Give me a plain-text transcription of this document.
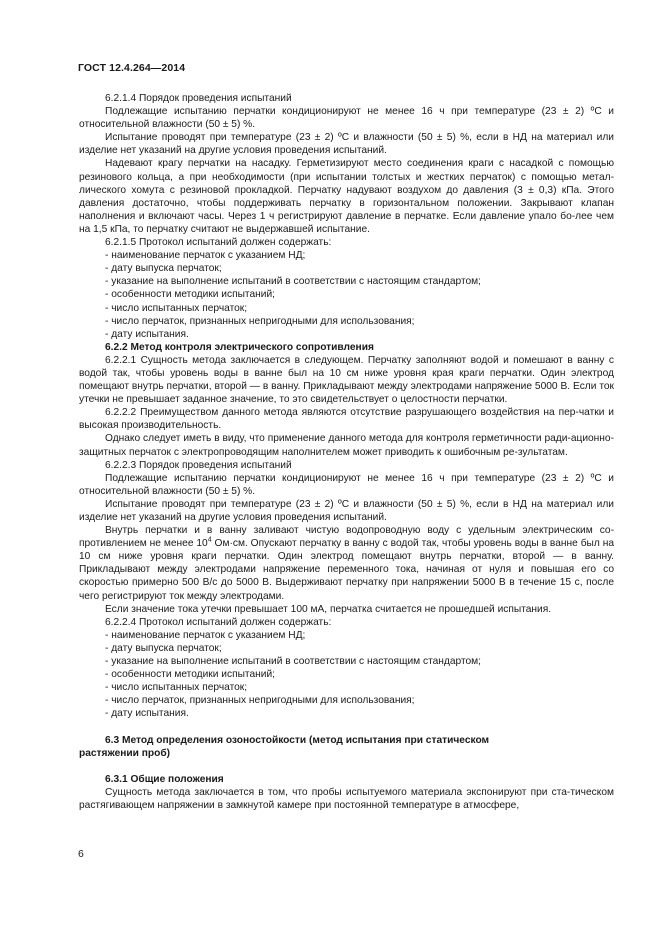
ГОСТ 12.4.264—2014

6.2.1.4 Порядок проведения испытаний

Подлежащие испытанию перчатки кондиционируют не менее 16 ч при температуре (23 ± 2) ºС и относительной влажности (50 ± 5) %.

Испытание проводят при температуре (23 ± 2) ºС и влажности (50 ± 5) %, если в НД на материал или изделие нет указаний на другие условия проведения испытаний.

Надевают крагу перчатки на насадку. Герметизируют место соединения краги с насадкой с помощью резинового кольца, а при необходимости (при испытании толстых и жестких перчаток) с помощью метал-лического хомута с резиновой прокладкой. Перчатку надувают воздухом до давления (3 ± 0,3) кПа. Этого давления достаточно, чтобы поддерживать перчатку в горизонтальном положении. Закрывают клапан наполнения и включают часы. Через 1 ч регистрируют давление в перчатке. Если давление упало бо-лее чем на 1,5 кПа, то перчатку считают не выдержавшей испытание.

6.2.1.5 Протокол испытаний должен содержать:

- наименование перчаток с указанием НД;

- дату выпуска перчаток;

- указание на выполнение испытаний в соответствии с настоящим стандартом;

- особенности методики испытаний;

- число испытанных перчаток;

- число перчаток, признанных непригодными для использования;

- дату испытания.

6.2.2 Метод контроля электрического сопротивления

6.2.2.1 Сущность метода заключается в следующем. Перчатку заполняют водой и помешают в ванну с водой так, чтобы уровень воды в ванне был на 10 см ниже уровня края краги перчатки. Один электрод помещают внутрь перчатки, второй — в ванну. Прикладывают между электродами напряжение 5000 В. Если ток утечки не превышает заданное значение, то это свидетельствует о целостности перчатки.

6.2.2.2 Преимуществом данного метода являются отсутствие разрушающего воздействия на пер-чатки и высокая производительность.

Однако следует иметь в виду, что применение данного метода для контроля герметичности ради-ационно-защитных перчаток с электропроводящим наполнителем может приводить к ошибочным ре-зультатам.

6.2.2.3 Порядок проведения испытаний

Подлежащие испытанию перчатки кондиционируют не менее 16 ч при температуре (23 ± 2) ºС и относительной влажности (50 ± 5) %.

Испытание проводят при температуре (23 ± 2) ºС и влажности (50 ± 5) %, если в НД на материал или изделие нет указаний на другие условия проведения испытаний.

Внутрь перчатки и в ванну заливают чистую водопроводную воду с удельным электрическим со-противлением не менее $10^4$ Ом·см. Опускают перчатку в ванну с водой так, чтобы уровень воды в ванне был на 10 см ниже уровня краги перчатки. Один электрод помещают внутрь перчатки, второй — в ванну. Прикладывают между электродами напряжение переменного тока, начиная от нуля и повышая его со скоростью примерно 500 В/с до 5000 В. Выдерживают перчатку при напряжении 5000 В в течение 15 с, после чего регистрируют ток между электродами.

Если значение тока утечки превышает 100 мА, перчатка считается не прошедшей испытания.

6.2.2.4 Протокол испытаний должен содержать:

- наименование перчаток с указанием НД;

- дату выпуска перчаток;

- указание на выполнение испытаний в соответствии с настоящим стандартом;

- особенности методики испытаний;

- число испытанных перчаток;

- число перчаток, признанных непригодными для использования;

- дату испытания.

6.3 Метод определения озоностойкости (метод испытания при статическом
растяжении проб)

6.3.1 Общие положения

Сущность метода заключается в том, что пробы испытуемого материала экспонируют при ста-тическом растягивающем напряжении в замкнутой камере при постоянной температуре в атмосфере,

6
